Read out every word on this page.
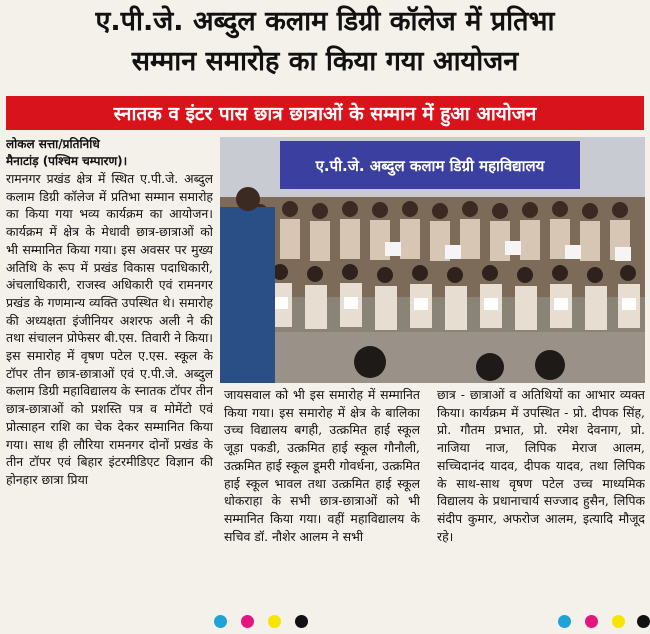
ए.पी.जे. अब्दुल कलाम डिग्री कॉलेज में प्रतिभा
सम्मान समारोह का किया गया आयोजन
स्नातक व इंटर पास छात्र छात्राओं के सम्मान में हुआ आयोजन
ए.पी.जे. अब्दुल कलाम डिग्री महाविद्यालय
लोकल सत्ता/प्रतिनिधि
मैनाटांड़ (पश्चिम चम्पारण)।
रामनगर प्रखंड क्षेत्र में स्थित ए.पी.जे. अब्दुल कलाम डिग्री कॉलेज में प्रतिभा सम्मान समारोह का किया गया भव्य कार्यक्रम का आयोजन। कार्यक्रम में क्षेत्र के मेधावी छात्र-छात्राओं को भी सम्मानित किया गया। इस अवसर पर मुख्य अतिथि के रूप में प्रखंड विकास पदाधिकारी, अंचलाधिकारी, राजस्व अधिकारी एवं रामनगर प्रखंड के गणमान्य व्यक्ति उपस्थित थे। समारोह की अध्यक्षता इंजीनियर अशरफ अली ने की तथा संचालन प्रोफेसर बी.एस. तिवारी ने किया। इस समारोह में वृषण पटेल ए.एस. स्कूल के टॉपर तीन छात्र-छात्राओं एवं ए.पी.जे. अब्दुल कलाम डिग्री महाविद्यालय के स्नातक टॉपर तीन छात्र-छात्राओं को प्रशस्ति पत्र व मोमेंटो एवं प्रोत्साहन राशि का चेक देकर सम्मानित किया गया। साथ ही लौरिया रामनगर दोनों प्रखंड के तीन टॉपर एवं बिहार इंटरमीडिएट विज्ञान की होनहार छात्रा प्रिया
जायसवाल को भी इस समारोह में सम्मानित किया गया। इस समारोह में क्षेत्र के बालिका उच्च विद्यालय बगही, उत्क्रमित हाई स्कूल जूड़ा पकडी, उत्क्रमित हाई स्कूल गौनौली, उत्क्रमित हाई स्कूल डूमरी गोवर्धना, उत्क्रमित हाई स्कूल भावल तथा उत्क्रमित हाई स्कूल धोकराहा के सभी छात्र-छात्राओं को भी सम्मानित किया गया। वहीं महाविद्यालय के सचिव डॉ. नौशेर आलम ने सभी
छात्र - छात्राओं व अतिथियों का आभार व्यक्त किया। कार्यक्रम में उपस्थित - प्रो. दीपक सिंह, प्रो. गौतम प्रभात, प्रो. रमेश देवनाग, प्रो. नाजिया नाज, लिपिक मेराज आलम, सच्चिदानंद यादव, दीपक यादव, तथा लिपिक के साथ-साथ वृषण पटेल उच्च माध्यमिक विद्यालय के प्रधानाचार्य सज्जाद हुसैन, लिपिक संदीप कुमार, अफरोज आलम, इत्यादि मौजूद रहे।
